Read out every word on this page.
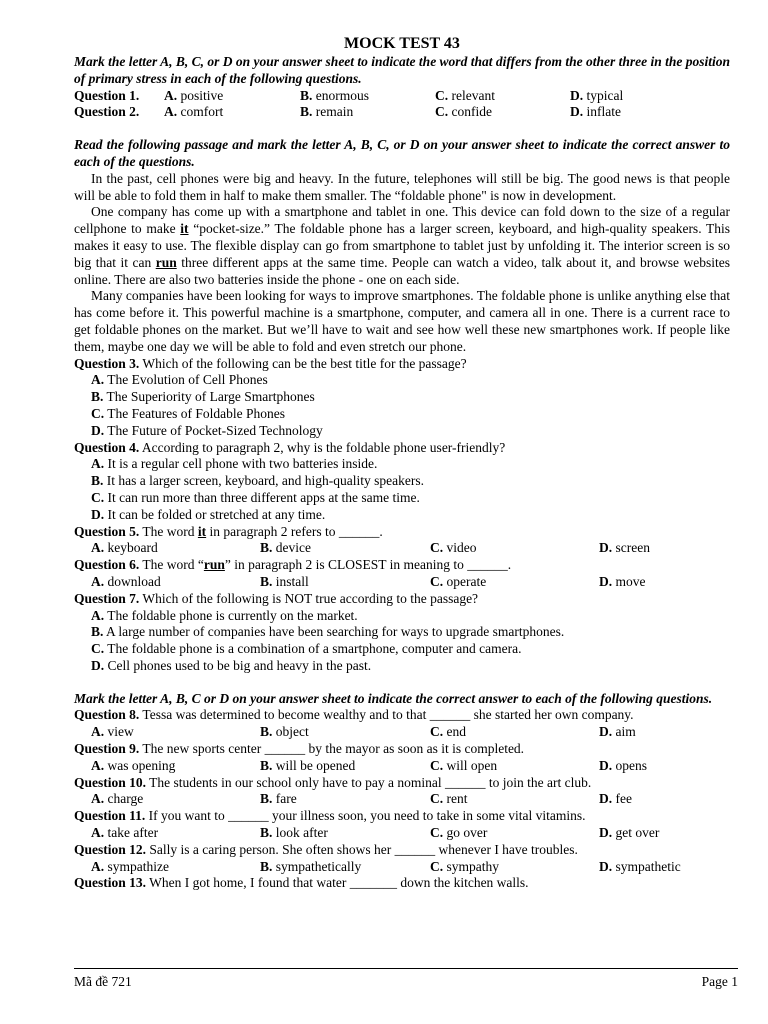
MOCK TEST 43
Mark the letter A, B, C, or D on your answer sheet to indicate the word that differs from the other three in the position of primary stress in each of the following questions.
Question 1.	A. positive	B. enormous	C. relevant	D. typical
Question 2.	A. comfort	B. remain	C. confide	D. inflate
Read the following passage and mark the letter A, B, C, or D on your answer sheet to indicate the correct answer to each of the questions.
In the past, cell phones were big and heavy. In the future, telephones will still be big. The good news is that people will be able to fold them in half to make them smaller. The “foldable phone" is now in development.
One company has come up with a smartphone and tablet in one. This device can fold down to the size of a regular cellphone to make it “pocket-size.” The foldable phone has a larger screen, keyboard, and high-quality speakers. This makes it easy to use. The flexible display can go from smartphone to tablet just by unfolding it. The interior screen is so big that it can run three different apps at the same time. People can watch a video, talk about it, and browse websites online. There are also two batteries inside the phone - one on each side.
Many companies have been looking for ways to improve smartphones. The foldable phone is unlike anything else that has come before it. This powerful machine is a smartphone, computer, and camera all in one. There is a current race to get foldable phones on the market. But we’ll have to wait and see how well these new smartphones work. If people like them, maybe one day we will be able to fold and even stretch our phone.
Question 3. Which of the following can be the best title for the passage?
A. The Evolution of Cell Phones
B. The Superiority of Large Smartphones
C. The Features of Foldable Phones
D. The Future of Pocket-Sized Technology
Question 4. According to paragraph 2, why is the foldable phone user-friendly?
A. It is a regular cell phone with two batteries inside.
B. It has a larger screen, keyboard, and high-quality speakers.
C. It can run more than three different apps at the same time.
D. It can be folded or stretched at any time.
Question 5. The word it in paragraph 2 refers to ______.
A. keyboard	B. device	C. video	D. screen
Question 6. The word “run” in paragraph 2 is CLOSEST in meaning to ______.
A. download	B. install	C. operate	D. move
Question 7. Which of the following is NOT true according to the passage?
A. The foldable phone is currently on the market.
B. A large number of companies have been searching for ways to upgrade smartphones.
C. The foldable phone is a combination of a smartphone, computer and camera.
D. Cell phones used to be big and heavy in the past.
Mark the letter A, B, C or D on your answer sheet to indicate the correct answer to each of the following questions.
Question 8. Tessa was determined to become wealthy and to that ______ she started her own company.
A. view	B. object	C. end	D. aim
Question 9. The new sports center ______ by the mayor as soon as it is completed.
A. was opening	B. will be opened	C. will open	D. opens
Question 10. The students in our school only have to pay a nominal ______ to join the art club.
A. charge	B. fare	C. rent	D. fee
Question 11. If you want to ______ your illness soon, you need to take in some vital vitamins.
A. take after	B. look after	C. go over	D. get over
Question 12. Sally is a caring person. She often shows her ______ whenever I have troubles.
A. sympathize	B. sympathetically	C. sympathy	D. sympathetic
Question 13. When I got home, I found that water _______ down the kitchen walls.
Mã đề 721	Page 1
